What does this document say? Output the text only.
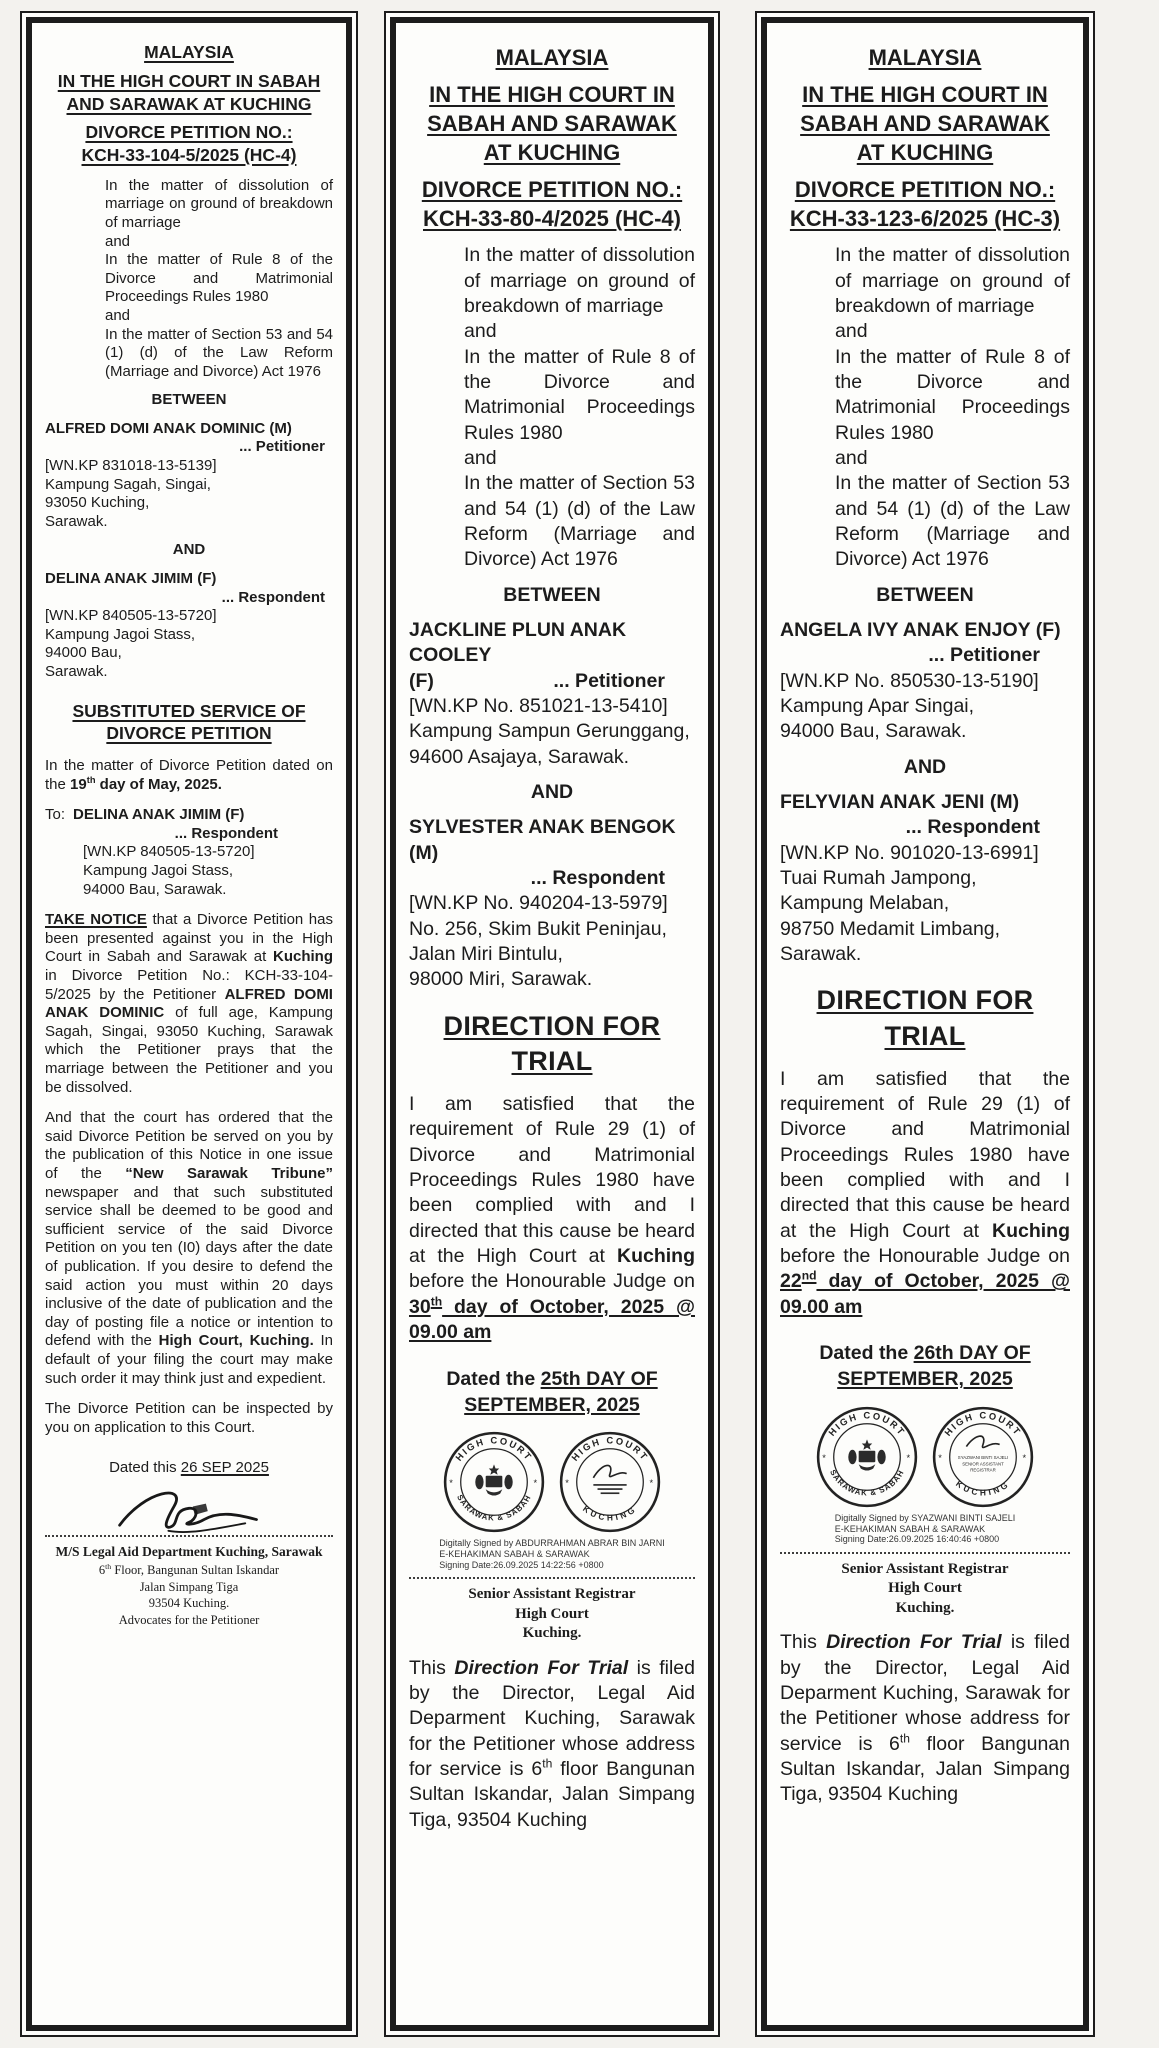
MALAYSIA
IN THE HIGH COURT IN SABAH
AND SARAWAK AT KUCHING
DIVORCE PETITION NO.:
KCH-33-104-5/2025 (HC-4)
In the matter of dissolution of marriage on ground of breakdown of marriage
and
In the matter of Rule 8 of the Divorce and Matrimonial Proceedings Rules 1980
and
In the matter of Section 53 and 54 (1) (d) of the Law Reform (Marriage and Divorce) Act 1976
BETWEEN
ALFRED DOMI ANAK DOMINIC (M)
... Petitioner
[WN.KP 831018-13-5139]
Kampung Sagah, Singai,
93050 Kuching,
Sarawak.
AND
DELINA ANAK JIMIM (F)
... Respondent
[WN.KP 840505-13-5720]
Kampung Jagoi Stass,
94000 Bau,
Sarawak.
SUBSTITUTED SERVICE OF
DIVORCE PETITION
In the matter of Divorce Petition dated on the 19th day of May, 2025.
To: DELINA ANAK JIMIM (F)
... Respondent
[WN.KP 840505-13-5720]
Kampung Jagoi Stass,
94000 Bau, Sarawak.
TAKE NOTICE that a Divorce Petition has been presented against you in the High Court in Sabah and Sarawak at Kuching in Divorce Petition No.: KCH-33-104-5/2025 by the Petitioner ALFRED DOMI ANAK DOMINIC of full age, Kampung Sagah, Singai, 93050 Kuching, Sarawak which the Petitioner prays that the marriage between the Petitioner and you be dissolved.
And that the court has ordered that the said Divorce Petition be served on you by the publication of this Notice in one issue of the “New Sarawak Tribune” newspaper and that such substituted service shall be deemed to be good and sufficient service of the said Divorce Petition on you ten (I0) days after the date of publication. If you desire to defend the said action you must within 20 days inclusive of the date of publication and the day of posting file a notice or intention to defend with the High Court, Kuching. In default of your filing the court may make such order it may think just and expedient.
The Divorce Petition can be inspected by you on application to this Court.
Dated this 26 SEP 2025
M/S Legal Aid Department Kuching, Sarawak
6th Floor, Bangunan Sultan Iskandar
Jalan Simpang Tiga
93504 Kuching.
Advocates for the Petitioner
MALAYSIA
IN THE HIGH COURT IN
SABAH AND SARAWAK
AT KUCHING
DIVORCE PETITION NO.:
KCH-33-80-4/2025 (HC-4)
In the matter of dissolution of marriage on ground of breakdown of marriage
and
In the matter of Rule 8 of the Divorce and Matrimonial Proceedings Rules 1980
and
In the matter of Section 53 and 54 (1) (d) of the Law Reform (Marriage and Divorce) Act 1976
BETWEEN
JACKLINE PLUN ANAK COOLEY
(F)	... Petitioner
[WN.KP No. 851021-13-5410]
Kampung Sampun Gerunggang,
94600 Asajaya, Sarawak.
AND
SYLVESTER ANAK BENGOK (M)
... Respondent
[WN.KP No. 940204-13-5979]
No. 256, Skim Bukit Peninjau,
Jalan Miri Bintulu,
98000 Miri, Sarawak.
DIRECTION FOR TRIAL
I am satisfied that the requirement of Rule 29 (1) of Divorce and Matrimonial Proceedings Rules 1980 have been complied with and I directed that this cause be heard at the High Court at Kuching before the Honourable Judge on 30th day of October, 2025 @ 09.00 am
Dated the 25th DAY OF
SEPTEMBER, 2025
HIGH COURT
SARAWAK & SABAH
*	*
HIGH COURT
KUCHING
*	*
Digitally Signed by ABDURRAHMAN ABRAR BIN JARNI
E-KEHAKIMAN SABAH & SARAWAK
Signing Date:26.09.2025 14:22:56 +0800
Senior Assistant Registrar
High Court
Kuching.
This Direction For Trial is filed by the Director, Legal Aid Deparment Kuching, Sarawak for the Petitioner whose address for service is 6th floor Bangunan Sultan Iskandar, Jalan Simpang Tiga, 93504 Kuching
MALAYSIA
IN THE HIGH COURT IN
SABAH AND SARAWAK
AT KUCHING
DIVORCE PETITION NO.:
KCH-33-123-6/2025 (HC-3)
In the matter of dissolution of marriage on ground of breakdown of marriage
and
In the matter of Rule 8 of the Divorce and Matrimonial Proceedings Rules 1980
and
In the matter of Section 53 and 54 (1) (d) of the Law Reform (Marriage and Divorce) Act 1976
BETWEEN
ANGELA IVY ANAK ENJOY (F)
... Petitioner
[WN.KP No. 850530-13-5190]
Kampung Apar Singai,
94000 Bau, Sarawak.
AND
FELYVIAN ANAK JENI (M)
... Respondent
[WN.KP No. 901020-13-6991]
Tuai Rumah Jampong,
Kampung Melaban,
98750 Medamit Limbang,
Sarawak.
DIRECTION FOR TRIAL
I am satisfied that the requirement of Rule 29 (1) of Divorce and Matrimonial Proceedings Rules 1980 have been complied with and I directed that this cause be heard at the High Court at Kuching before the Honourable Judge on 22nd day of October, 2025 @ 09.00 am
Dated the 26th DAY OF
SEPTEMBER, 2025
HIGH COURT
SARAWAK & SABAH
*	*
HIGH COURT
KUCHING
*	*
SYAZWANI BINTI SAJELI
SENIOR ASSISTANT
REGISTRAR
Digitally Signed by SYAZWANI BINTI SAJELI
E-KEHAKIMAN SABAH & SARAWAK
Signing Date:26.09.2025 16:40:46 +0800
Senior Assistant Registrar
High Court
Kuching.
This Direction For Trial is filed by the Director, Legal Aid Deparment Kuching, Sarawak for the Petitioner whose address for service is 6th floor Bangunan Sultan Iskandar, Jalan Simpang Tiga, 93504 Kuching
